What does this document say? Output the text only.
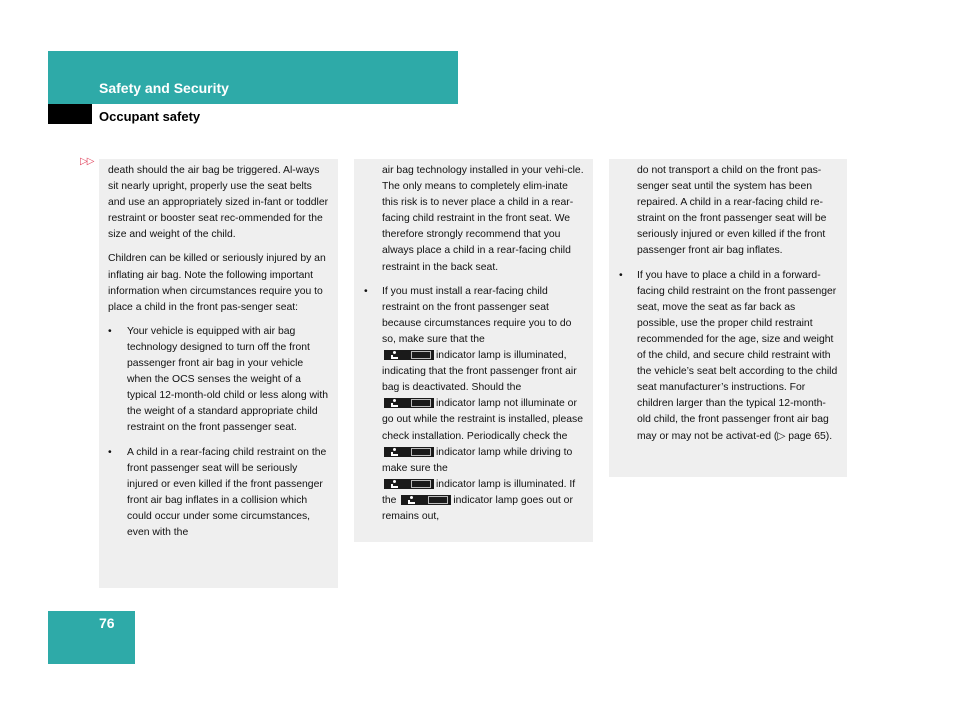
Safety and Security
Occupant safety
▷▷

death should the air bag be triggered. Al-ways sit nearly upright, properly use the seat belts and use an appropriately sized in-fant or toddler restraint or booster seat rec-ommended for the size and weight of the child.

Children can be killed or seriously injured by an inflating air bag. Note the following important information when circumstances require you to place a child in the front pas-senger seat:

• Your vehicle is equipped with air bag technology designed to turn off the front passenger front air bag in your vehicle when the OCS senses the weight of a typical 12-month-old child or less along with the weight of a standard appropriate child restraint on the front passenger seat.
• A child in a rear-facing child restraint on the front passenger seat will be seriously injured or even killed if the front passenger front air bag inflates in a collision which could occur under some circumstances, even with the

air bag technology installed in your vehi-cle. The only means to completely elim-inate this risk is to never place a child in a rear-facing child restraint in the front seat. We therefore strongly recommend that you always place a child in a rear-facing child restraint in the back seat.

• If you must install a rear-facing child restraint on the front passenger seat because circumstances require you to do so, make sure that the

indicator lamp is illuminated, indicating that the front passenger front air bag is deactivated. Should the

indicator lamp not illuminate or go out while the restraint is installed, please check installation. Periodically check the
indicator lamp while driving to make sure the

indicator lamp is illuminated. If the	indicator lamp goes out or remains out,

do not transport a child on the front pas-senger seat until the system has been repaired. A child in a rear-facing child re-straint on the front passenger seat will be seriously injured or even killed if the front passenger front air bag inflates.

• If you have to place a child in a forward-facing child restraint on the front passenger seat, move the seat as far back as possible, use the proper child restraint recommended for the age, size and weight of the child, and secure child restraint with the vehicle’s seat belt according to the child seat manufacturer’s instructions. For children larger than the typical 12-month-old child, the front passenger front air bag may or may not be activat-ed (▷ page 65).
76
